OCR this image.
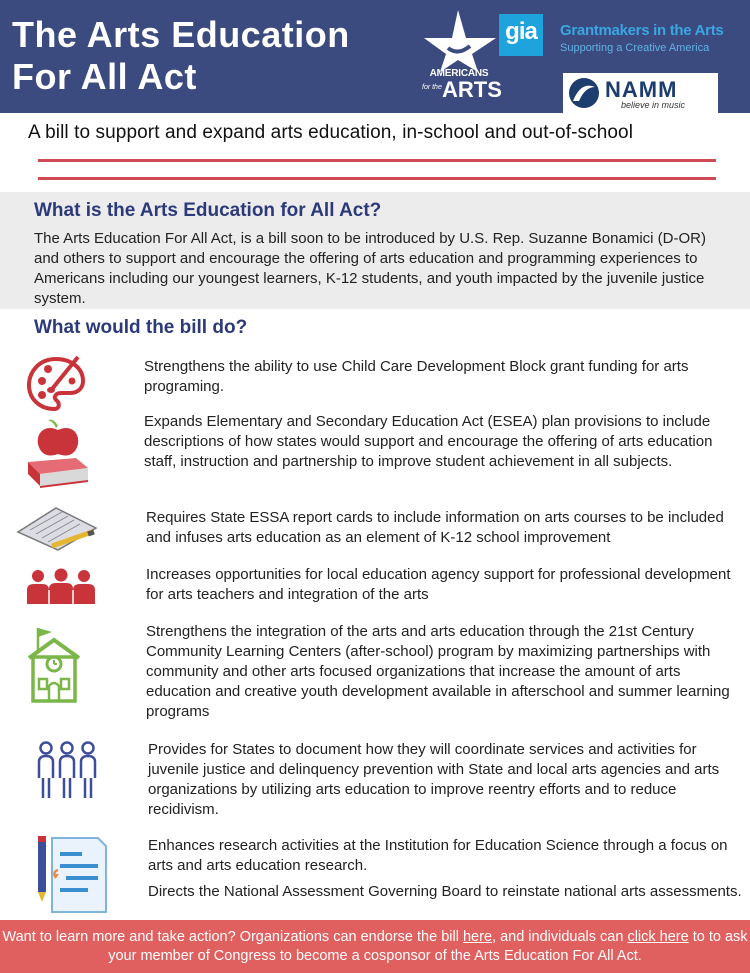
The Arts Education
For All Act	AMERICANS
for the ARTS
gia	Grantmakers in the Arts
Supporting a Creative America
NAMM
believe in music
A bill to support and expand arts education, in-school and out-of-school
What is the Arts Education for All Act?
The Arts Education For All Act, is a bill soon to be introduced by U.S. Rep. Suzanne Bonamici (D-OR) and others to support and encourage the offering of arts education and programming experiences to Americans including our youngest learners, K-12 students, and youth impacted by the juvenile justice system.
What would the bill do?
Strengthens the ability to use Child Care Development Block grant funding for arts programing.
Expands Elementary and Secondary Education Act (ESEA) plan provisions to include descriptions of how states would support and encourage the offering of arts education staff, instruction and partnership to improve student achievement in all subjects.
Requires State ESSA report cards to include information on arts courses to be included and infuses arts education as an element of K-12 school improvement
Increases opportunities for local education agency support for professional development for arts teachers and integration of the arts
Strengthens the integration of the arts and arts education through the 21st Century Community Learning Centers (after-school) program by maximizing partnerships with community and other arts focused organizations that increase the amount of arts education and creative youth development available in afterschool and summer learning programs
Provides for States to document how they will coordinate services and activities for juvenile justice and delinquency prevention with State and local arts agencies and arts organizations by utilizing arts education to improve reentry efforts and to reduce recidivism.
Enhances research activities at the Institution for Education Science through a focus on arts and arts education research.
Directs the National Assessment Governing Board to reinstate national arts assessments.
Want to learn more and take action? Organizations can endorse the bill here, and individuals can click here to to ask your member of Congress to become a cosponsor of the Arts Education For All Act.
